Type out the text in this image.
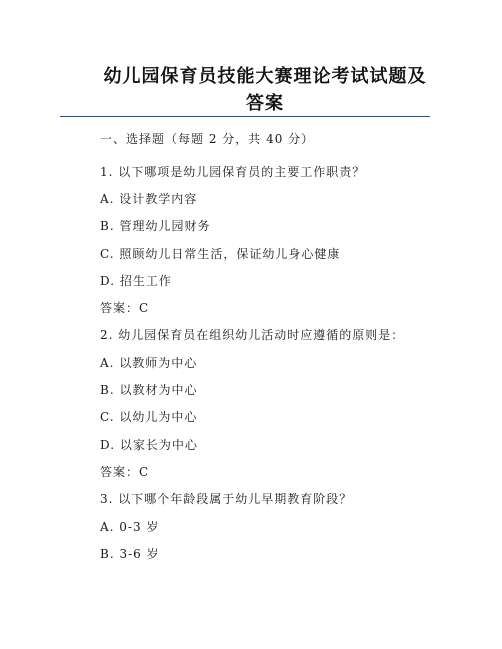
幼儿园保育员技能大赛理论考试试题及
答案
一、选择题（每题 2 分，共 40 分）
1. 以下哪项是幼儿园保育员的主要工作职责？
A. 设计教学内容
B. 管理幼儿园财务
C. 照顾幼儿日常生活，保证幼儿身心健康
D. 招生工作
答案：C
2. 幼儿园保育员在组织幼儿活动时应遵循的原则是：
A. 以教师为中心
B. 以教材为中心
C. 以幼儿为中心
D. 以家长为中心
答案：C
3. 以下哪个年龄段属于幼儿早期教育阶段？
A. 0-3 岁
B. 3-6 岁
